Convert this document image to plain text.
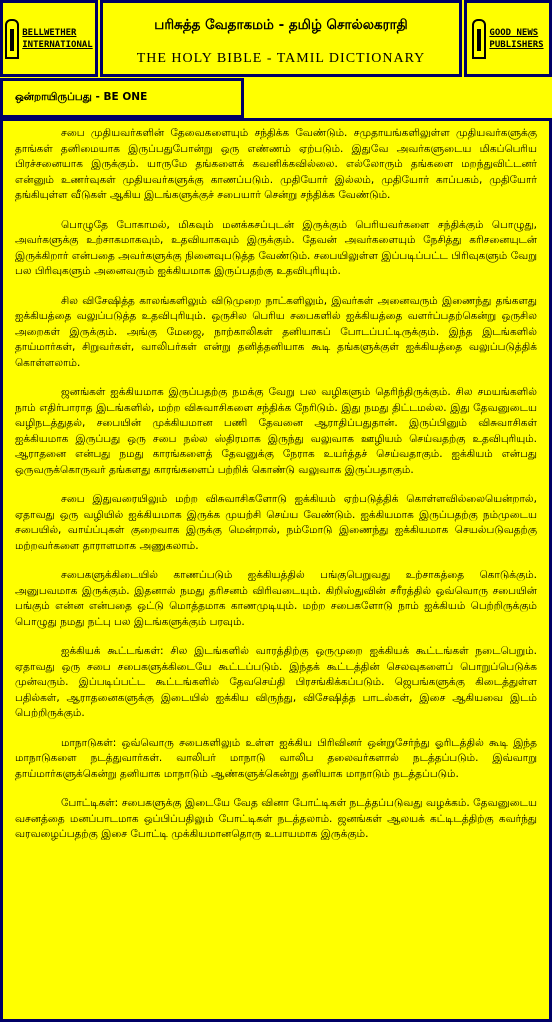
BELLWETHER
INTERNATIONAL
பரிசுத்த வேதாகமம் - தமிழ் சொல்லகராதி
THE HOLY BIBLE - TAMIL DICTIONARY
GOOD NEWS
PUBLISHERS
ஒன்றாயிருப்பது - BE ONE

சபை முதியவர்களின் தேவைகளையும் சந்திக்க வேண்டும். சமுதாயங்களிலுள்ள முதியவர்களுக்கு தாங்கள் தனிமையாக இருப்பதுபோன்று ஒரு எண்ணம் ஏற்படும். இதுவே அவர்களுடைய மிகப்பெரிய பிரச்சனையாக இருக்கும். யாருமே தங்களைக் கவனிக்கவில்லை. எல்லோரும் தங்களை மறந்துவிட்டனர் என்னும் உணர்வுகள் முதியவர்களுக்கு காணப்படும். முதியோர் இல்லம், முதியோர் காப்பகம், முதியோர் தங்கியுள்ள வீடுகள் ஆகிய இடங்களுக்குச் சபையார் சென்று சந்திக்க வேண்டும்.

பொழுதே போகாமல், மிகவும் மனக்கசப்புடன் இருக்கும் பெரியவர்களை சந்திக்கும் பொழுது, அவர்களுக்கு உற்சாகமாகவும், உதவியாகவும் இருக்கும். தேவன் அவர்களையும் நேசித்து கரிசனையுடன் இருக்கிறார் என்பதை அவர்களுக்கு நினைவுபடுத்த வேண்டும். சபையிலுள்ள இப்படிப்பட்ட பிரிவுகளும் வேறு பல பிரிவுகளும் அனைவரும் ஐக்கியமாக இருப்பதற்கு உதவிபுரியும்.

சில விசேஷித்த காலங்களிலும் விடுமுறை நாட்களிலும், இவர்கள் அனைவரும் இணைந்து தங்களது ஐக்கியத்தை வலுப்படுத்த உதவிபுரியும். ஒருசில பெரிய சபைகளில் ஐக்கியத்தை வளர்ப்பதற்கென்று ஒருசில அறைகள் இருக்கும். அங்கு மேஜை, நாற்காலிகள் தனியாகப் போடப்பட்டிருக்கும். இந்த இடங்களில் தாய்மார்கள், சிறுவர்கள், வாலிபர்கள் என்று தனித்தனியாக கூடி தங்களுக்குள் ஐக்கியத்தை வலுப்படுத்திக் கொள்ளலாம்.

ஜனங்கள் ஐக்கியமாக இருப்பதற்கு நமக்கு வேறு பல வழிகளும் தெரிந்திருக்கும். சில சமயங்களில் நாம் எதிர்பாராத இடங்களில், மற்ற விசுவாசிகளை சந்திக்க நேரிடும். இது நமது திட்டமல்ல. இது தேவனுடைய வழிநடத்துதல், சபையின் முக்கியமான பணி தேவனை ஆராதிப்பதுதான். இருப்பினும் விசுவாசிகள் ஐக்கியமாக இருப்பது ஒரு சபை நல்ல ஸ்திரமாக இருந்து வலுவாக ஊழியம் செய்வதற்கு உதவிபுரியும். ஆராதனை என்பது நமது காரங்களைத் தேவனுக்கு நேராக உயர்த்தச் செய்வதாகும். ஐக்கியம் என்பது ஒருவருக்கொருவர் தங்களது காரங்களைப் பற்றிக் கொண்டு வலுவாக இருப்பதாகும்.

சபை இதுவரையிலும் மற்ற விசுவாசிகளோடு ஐக்கியம் ஏற்படுத்திக் கொள்ளவில்லையென்றால், ஏதாவது ஒரு வழியில் ஐக்கியமாக இருக்க முயற்சி செய்ய வேண்டும். ஐக்கியமாக இருப்பதற்கு நம்முடைய சபையில், வாய்ப்புகள் குறைவாக இருக்கு மென்றால், நம்மோடு இணைந்து ஐக்கியமாக செயல்படுவதற்கு மற்றவர்களை தாராளமாக அணுகலாம்.

சபைகளுக்கிடையில் காணப்படும் ஐக்கியத்தில் பங்குபெறுவது உற்சாகத்தை கொடுக்கும். அனுபவமாக இருக்கும். இதனால் நமது தரிசனம் விரிவடையும். கிறிஸ்துவின் சரீரத்தில் ஒவ்வொரு சபையின் பங்கும் என்ன என்பதை ஒட்டு மொத்தமாக காணமுடியும். மற்ற சபைகளோடு நாம் ஐக்கியம் பெற்றிருக்கும் பொழுது நமது நட்பு பல இடங்களுக்கும் பரவும்.

ஐக்கியக் கூட்டங்கள்: சில இடங்களில் வாரத்திற்கு ஒருமுறை ஐக்கியக் கூட்டங்கள் நடைபெறும். ஏதாவது ஒரு சபை சபைகளுக்கிடையே கூட்டப்படும். இந்தக் கூட்டத்தின் செலவுகளைப் பொறுப்பெடுக்க முன்வரும். இப்படிப்பட்ட கூட்டங்களில் தேவசெய்தி பிரசங்கிக்கப்படும். ஜெபங்களுக்கு கிடைத்துள்ள பதில்கள், ஆராதனைகளுக்கு இடையில் ஐக்கிய விருந்து, விசேஷித்த பாடல்கள், இசை ஆகியவை இடம் பெற்றிருக்கும்.

மாநாடுகள்: ஒவ்வொரு சபைகளிலும் உள்ள ஐக்கிய பிரிவினர் ஒன்றுசேர்ந்து ஓரிடத்தில் கூடி இந்த மாநாடுகளை நடத்துவார்கள். வாலிபர் மாநாடு வாலிப தலைவர்களால் நடத்தப்படும். இவ்வாறு தாய்மார்களுக்கென்று தனியாக மாநாடும் ஆண்களுக்கென்று தனியாக மாநாடும் நடத்தப்படும்.

போட்டிகள்: சபைகளுக்கு இடையே வேத வினா போட்டிகள் நடத்தப்படுவது வழக்கம். தேவனுடைய வசனத்தை மனப்பாடமாக ஒப்பிப்பதிலும் போட்டிகள் நடத்தலாம். ஜனங்கள் ஆலயக் கட்டிடத்திற்கு கவர்ந்து வரவழைப்பதற்கு இசை போட்டி முக்கியமானதொரு உபாயமாக இருக்கும்.
